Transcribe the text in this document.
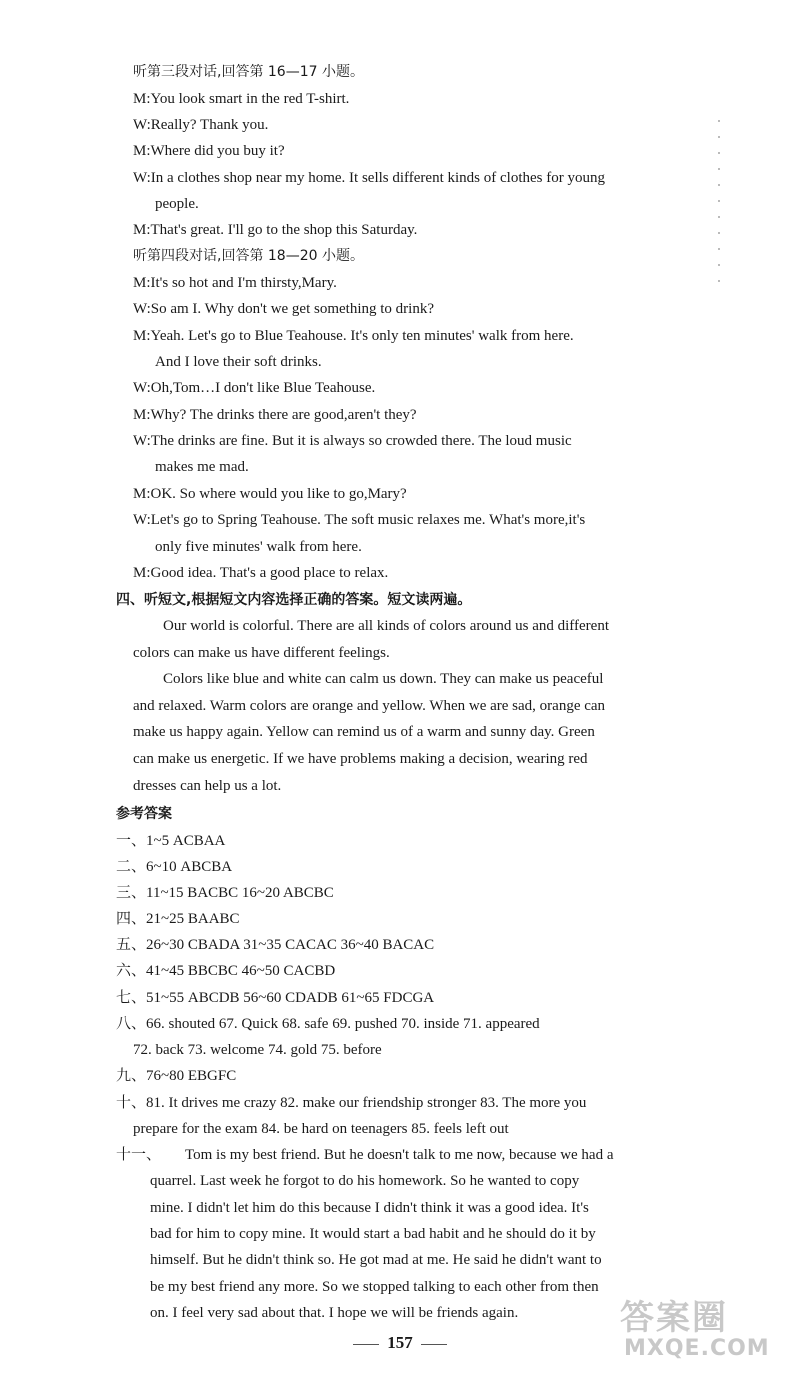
听第三段对话,回答第 16—17 小题。
M:You look smart in the red T-shirt.
W:Really? Thank you.
M:Where did you buy it?
W:In a clothes shop near my home. It sells different kinds of clothes for young
people.
M:That's great. I'll go to the shop this Saturday.
听第四段对话,回答第 18—20 小题。
M:It's so hot and I'm thirsty,Mary.
W:So am I. Why don't we get something to drink?
M:Yeah. Let's go to Blue Teahouse. It's only ten minutes' walk from here.
And I love their soft drinks.
W:Oh,Tom…I don't like Blue Teahouse.
M:Why? The drinks there are good,aren't they?
W:The drinks are fine. But it is always so crowded there. The loud music
makes me mad.
M:OK. So where would you like to go,Mary?
W:Let's go to Spring Teahouse. The soft music relaxes me. What's more,it's
only five minutes' walk from here.
M:Good idea. That's a good place to relax.
四、听短文,根据短文内容选择正确的答案。短文读两遍。
Our world is colorful. There are all kinds of colors around us and different
colors can make us have different feelings.
Colors like blue and white can calm us down. They can make us peaceful
and relaxed. Warm colors are orange and yellow. When we are sad, orange can
make us happy again. Yellow can remind us of a warm and sunny day. Green
can make us energetic. If we have problems making a decision, wearing red
dresses can help us a lot.
参考答案
一、1~5 ACBAA
二、6~10 ABCBA
三、11~15 BACBC 16~20 ABCBC
四、21~25 BAABC
五、26~30 CBADA 31~35 CACAC 36~40 BACAC
六、41~45 BBCBC 46~50 CACBD
七、51~55 ABCDB 56~60 CDADB 61~65 FDCGA
八、66. shouted 67. Quick 68. safe 69. pushed 70. inside 71. appeared
72. back 73. welcome 74. gold 75. before
九、76~80 EBGFC
十、81. It drives me crazy 82. make our friendship stronger 83. The more you
prepare for the exam 84. be hard on teenagers 85. feels left out
十一、 Tom is my best friend. But he doesn't talk to me now, because we had a
quarrel. Last week he forgot to do his homework. So he wanted to copy
mine. I didn't let him do this because I didn't think it was a good idea. It's
bad for him to copy mine. It would start a bad habit and he should do it by
himself. But he didn't think so. He got mad at me. He said he didn't want to
be my best friend any more. So we stopped talking to each other from then
on. I feel very sad about that. I hope we will be friends again.
157
答案圈
MXQE.COM
